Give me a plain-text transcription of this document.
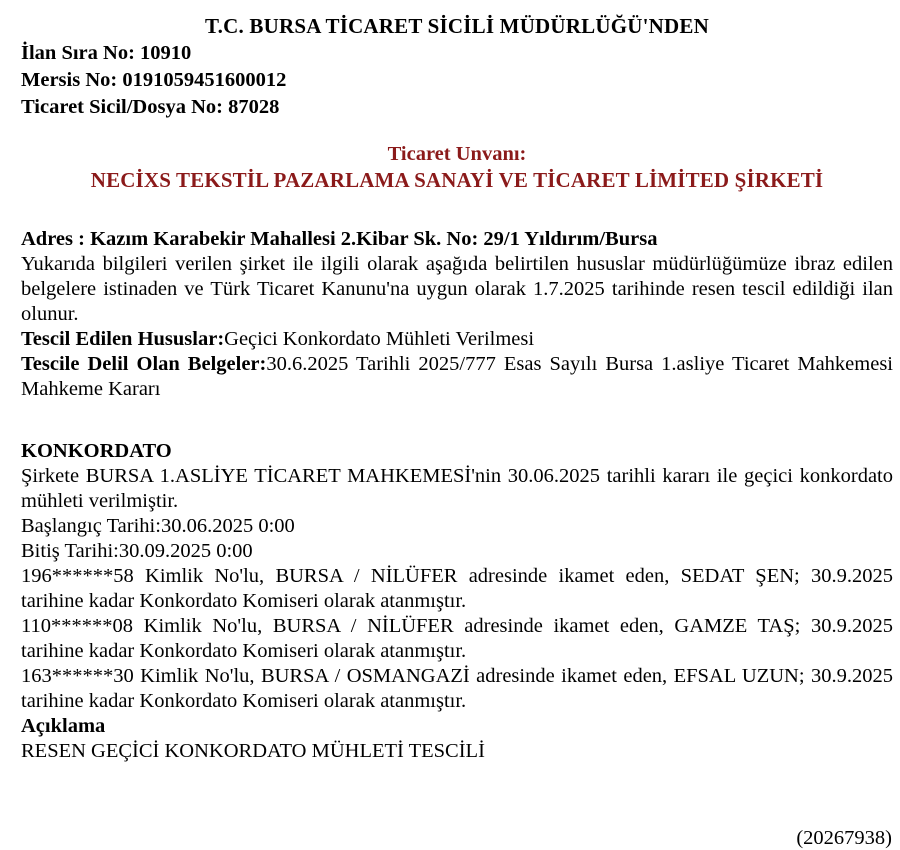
T.C. BURSA TİCARET SİCİLİ MÜDÜRLÜĞÜ'NDEN
İlan Sıra No: 10910
Mersis No: 0191059451600012
Ticaret Sicil/Dosya No: 87028
Ticaret Unvanı:
NECİXS TEKSTİL PAZARLAMA SANAYİ VE TİCARET LİMİTED ŞİRKETİ
Adres : Kazım Karabekir Mahallesi 2.Kibar Sk. No: 29/1 Yıldırım/Bursa

Yukarıda bilgileri verilen şirket ile ilgili olarak aşağıda belirtilen hususlar müdürlüğümüze ibraz edilen belgelere istinaden ve Türk Ticaret Kanunu'na uygun olarak 1.7.2025 tarihinde resen tescil edildiği ilan olunur.

Tescil Edilen Hususlar:Geçici Konkordato Mühleti Verilmesi

Tescile Delil Olan Belgeler:30.6.2025 Tarihli 2025/777 Esas Sayılı Bursa 1.asliye Ticaret Mahkemesi Mahkeme Kararı

KONKORDATO

Şirkete BURSA 1.ASLİYE TİCARET MAHKEMESİ'nin 30.06.2025 tarihli kararı ile geçici konkordato mühleti verilmiştir.

Başlangıç Tarihi:30.06.2025 0:00

Bitiş Tarihi:30.09.2025 0:00

196******58 Kimlik No'lu, BURSA / NİLÜFER adresinde ikamet eden, SEDAT ŞEN; 30.9.2025 tarihine kadar Konkordato Komiseri olarak atanmıştır.

110******08 Kimlik No'lu, BURSA / NİLÜFER adresinde ikamet eden, GAMZE TAŞ; 30.9.2025 tarihine kadar Konkordato Komiseri olarak atanmıştır.

163******30 Kimlik No'lu, BURSA / OSMANGAZİ adresinde ikamet eden, EFSAL UZUN; 30.9.2025 tarihine kadar Konkordato Komiseri olarak atanmıştır.

Açıklama

RESEN GEÇİCİ KONKORDATO MÜHLETİ TESCİLİ

(20267938)
